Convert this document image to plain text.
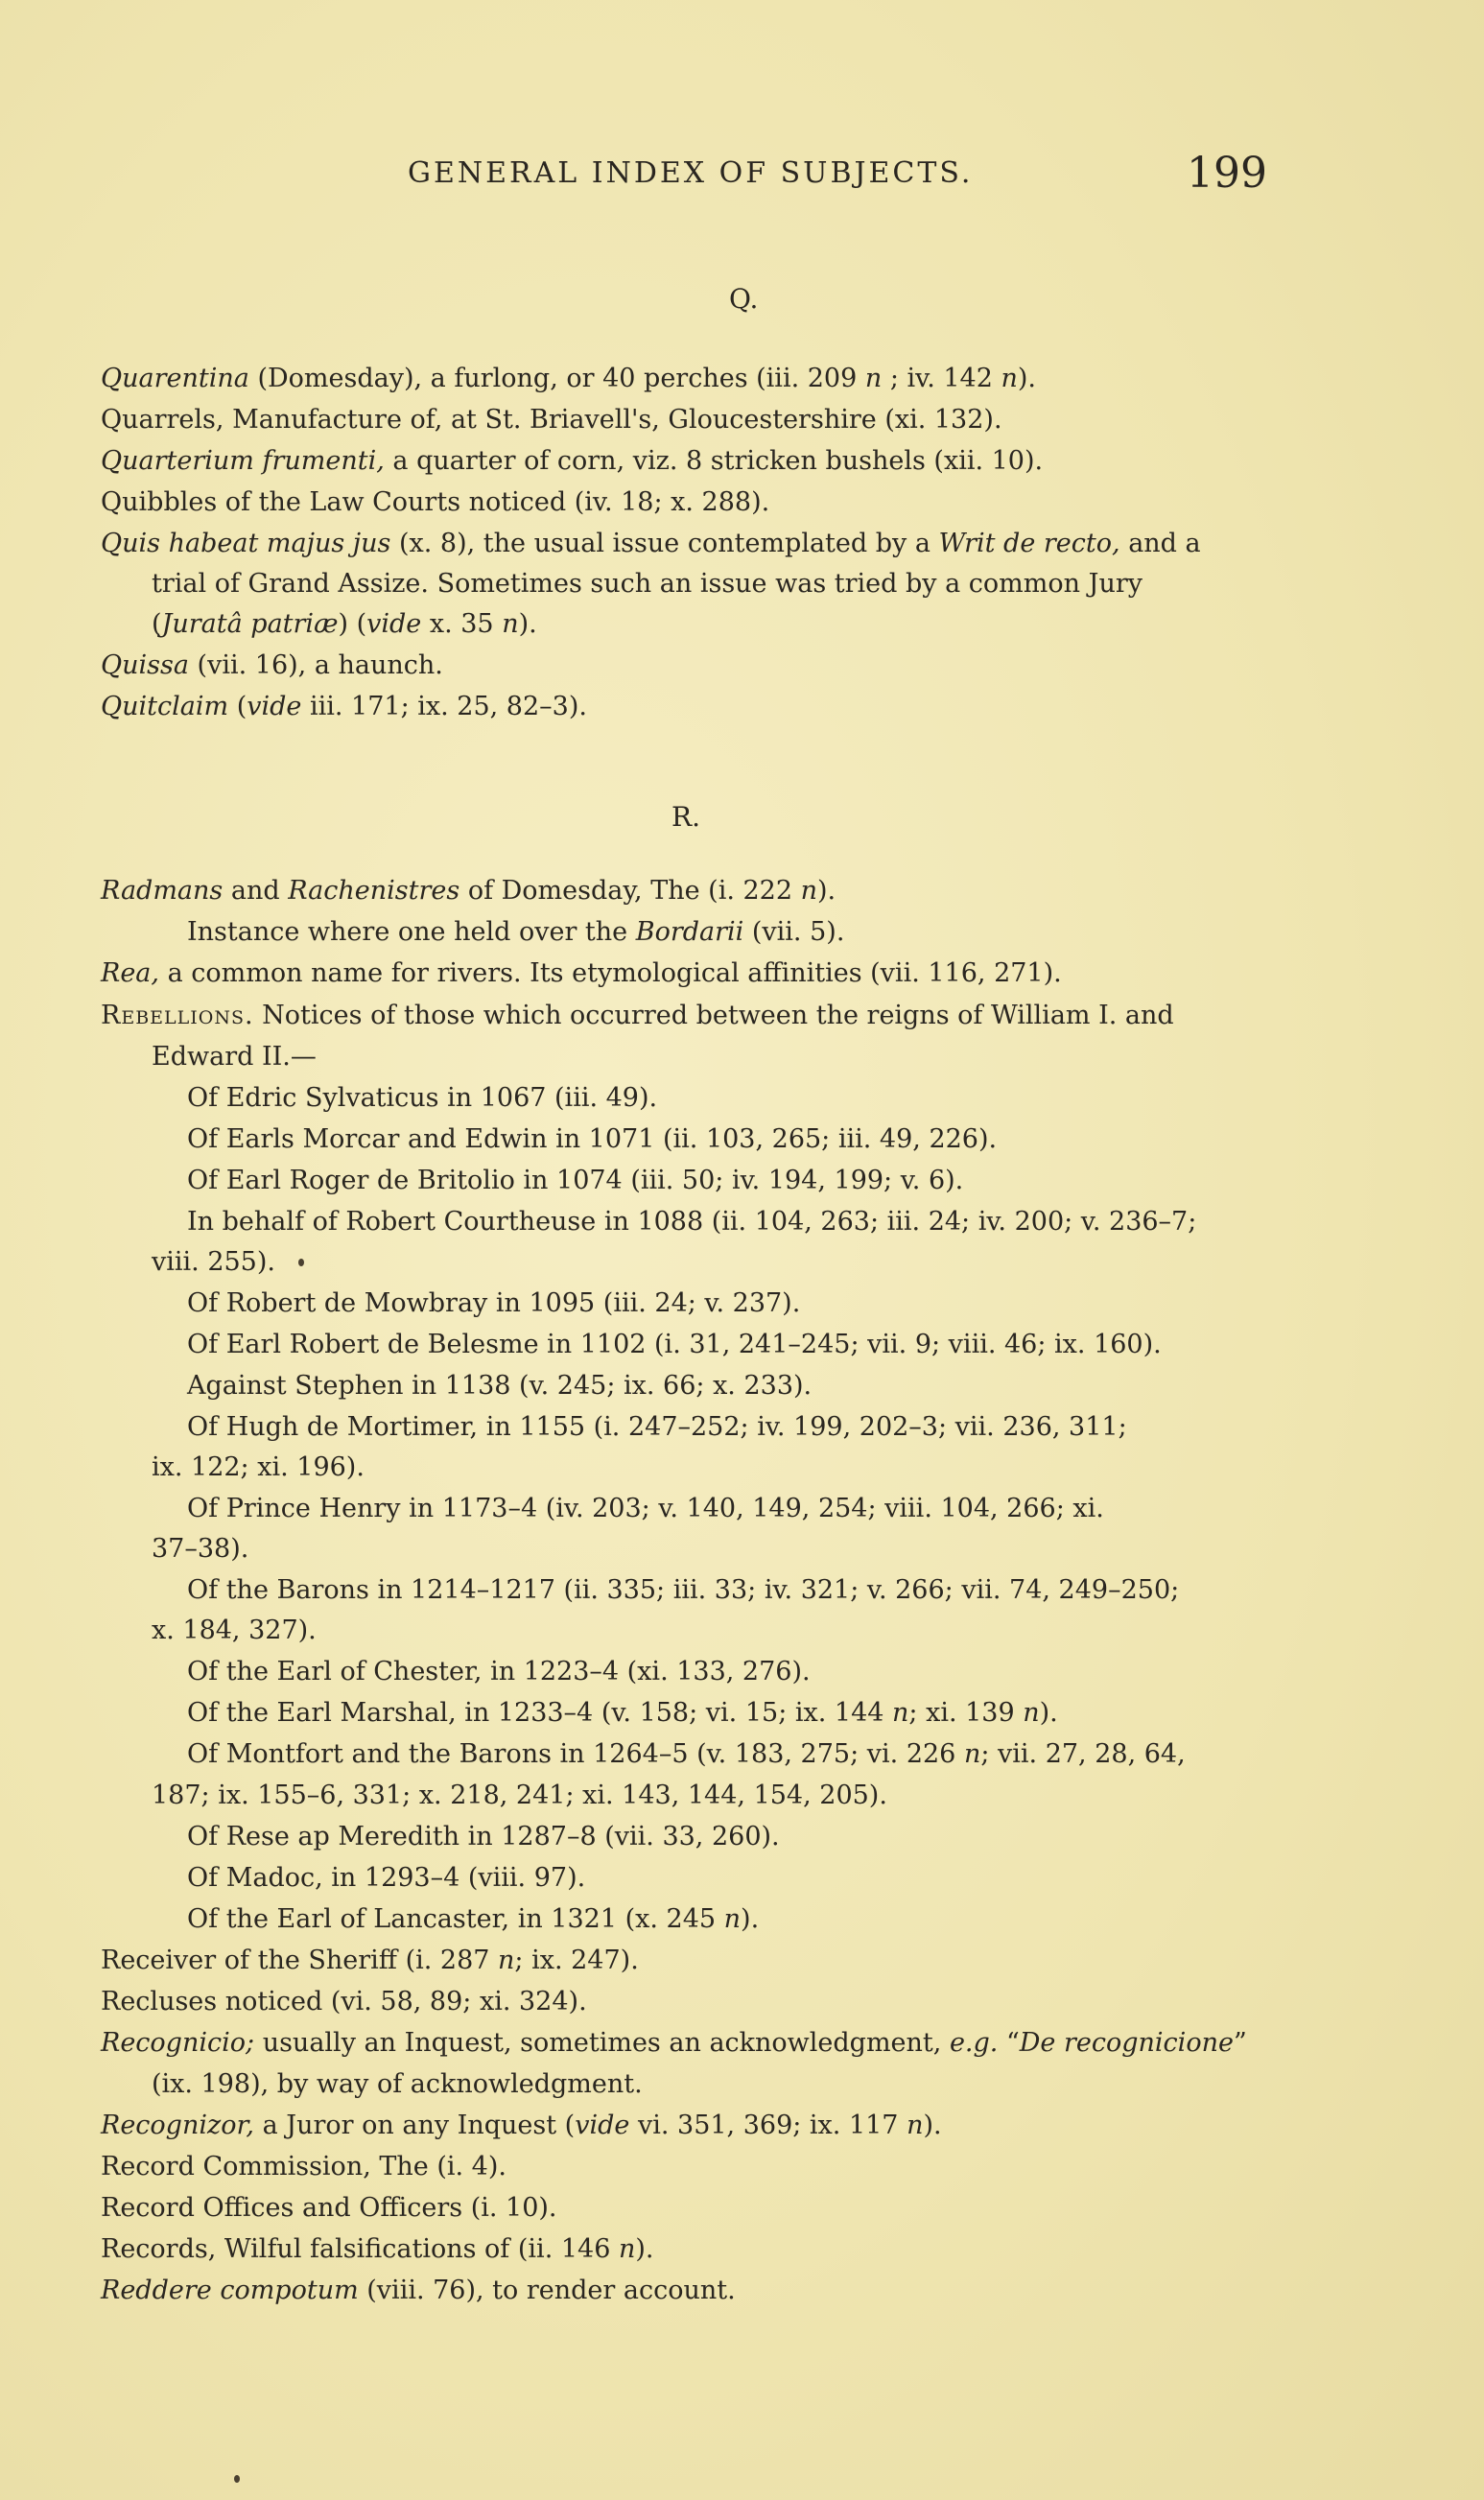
GENERAL INDEX OF SUBJECTS.	199
Q.
Quarentina (Domesday), a furlong, or 40 perches (iii. 209 n ; iv. 142 n).
Quarrels, Manufacture of, at St. Briavell's, Gloucestershire (xi. 132).
Quarterium frumenti, a quarter of corn, viz. 8 stricken bushels (xii. 10).
Quibbles of the Law Courts noticed (iv. 18; x. 288).
Quis habeat majus jus (x. 8), the usual issue contemplated by a Writ de recto, and a
trial of Grand Assize. Sometimes such an issue was tried by a common Jury
(Juratâ patriæ) (vide x. 35 n).
Quissa (vii. 16), a haunch.
Quitclaim (vide iii. 171; ix. 25, 82–3).
R.
Radmans and Rachenistres of Domesday, The (i. 222 n).
Instance where one held over the Bordarii (vii. 5).
Rea, a common name for rivers. Its etymological affinities (vii. 116, 271).
Rebellions. Notices of those which occurred between the reigns of William I. and
Edward II.—
Of Edric Sylvaticus in 1067 (iii. 49).
Of Earls Morcar and Edwin in 1071 (ii. 103, 265; iii. 49, 226).
Of Earl Roger de Britolio in 1074 (iii. 50; iv. 194, 199; v. 6).
In behalf of Robert Courtheuse in 1088 (ii. 104, 263; iii. 24; iv. 200; v. 236–7;
viii. 255).
Of Robert de Mowbray in 1095 (iii. 24; v. 237).
Of Earl Robert de Belesme in 1102 (i. 31, 241–245; vii. 9; viii. 46; ix. 160).
Against Stephen in 1138 (v. 245; ix. 66; x. 233).
Of Hugh de Mortimer, in 1155 (i. 247–252; iv. 199, 202–3; vii. 236, 311;
ix. 122; xi. 196).
Of Prince Henry in 1173–4 (iv. 203; v. 140, 149, 254; viii. 104, 266; xi.
37–38).
Of the Barons in 1214–1217 (ii. 335; iii. 33; iv. 321; v. 266; vii. 74, 249–250;
x. 184, 327).
Of the Earl of Chester, in 1223–4 (xi. 133, 276).
Of the Earl Marshal, in 1233–4 (v. 158; vi. 15; ix. 144 n; xi. 139 n).
Of Montfort and the Barons in 1264–5 (v. 183, 275; vi. 226 n; vii. 27, 28, 64,
187; ix. 155–6, 331; x. 218, 241; xi. 143, 144, 154, 205).
Of Rese ap Meredith in 1287–8 (vii. 33, 260).
Of Madoc, in 1293–4 (viii. 97).
Of the Earl of Lancaster, in 1321 (x. 245 n).
Receiver of the Sheriff (i. 287 n; ix. 247).
Recluses noticed (vi. 58, 89; xi. 324).
Recognicio; usually an Inquest, sometimes an acknowledgment, e.g. “De recognicione”
(ix. 198), by way of acknowledgment.
Recognizor, a Juror on any Inquest (vide vi. 351, 369; ix. 117 n).
Record Commission, The (i. 4).
Record Offices and Officers (i. 10).
Records, Wilful falsifications of (ii. 146 n).
Reddere compotum (viii. 76), to render account.
